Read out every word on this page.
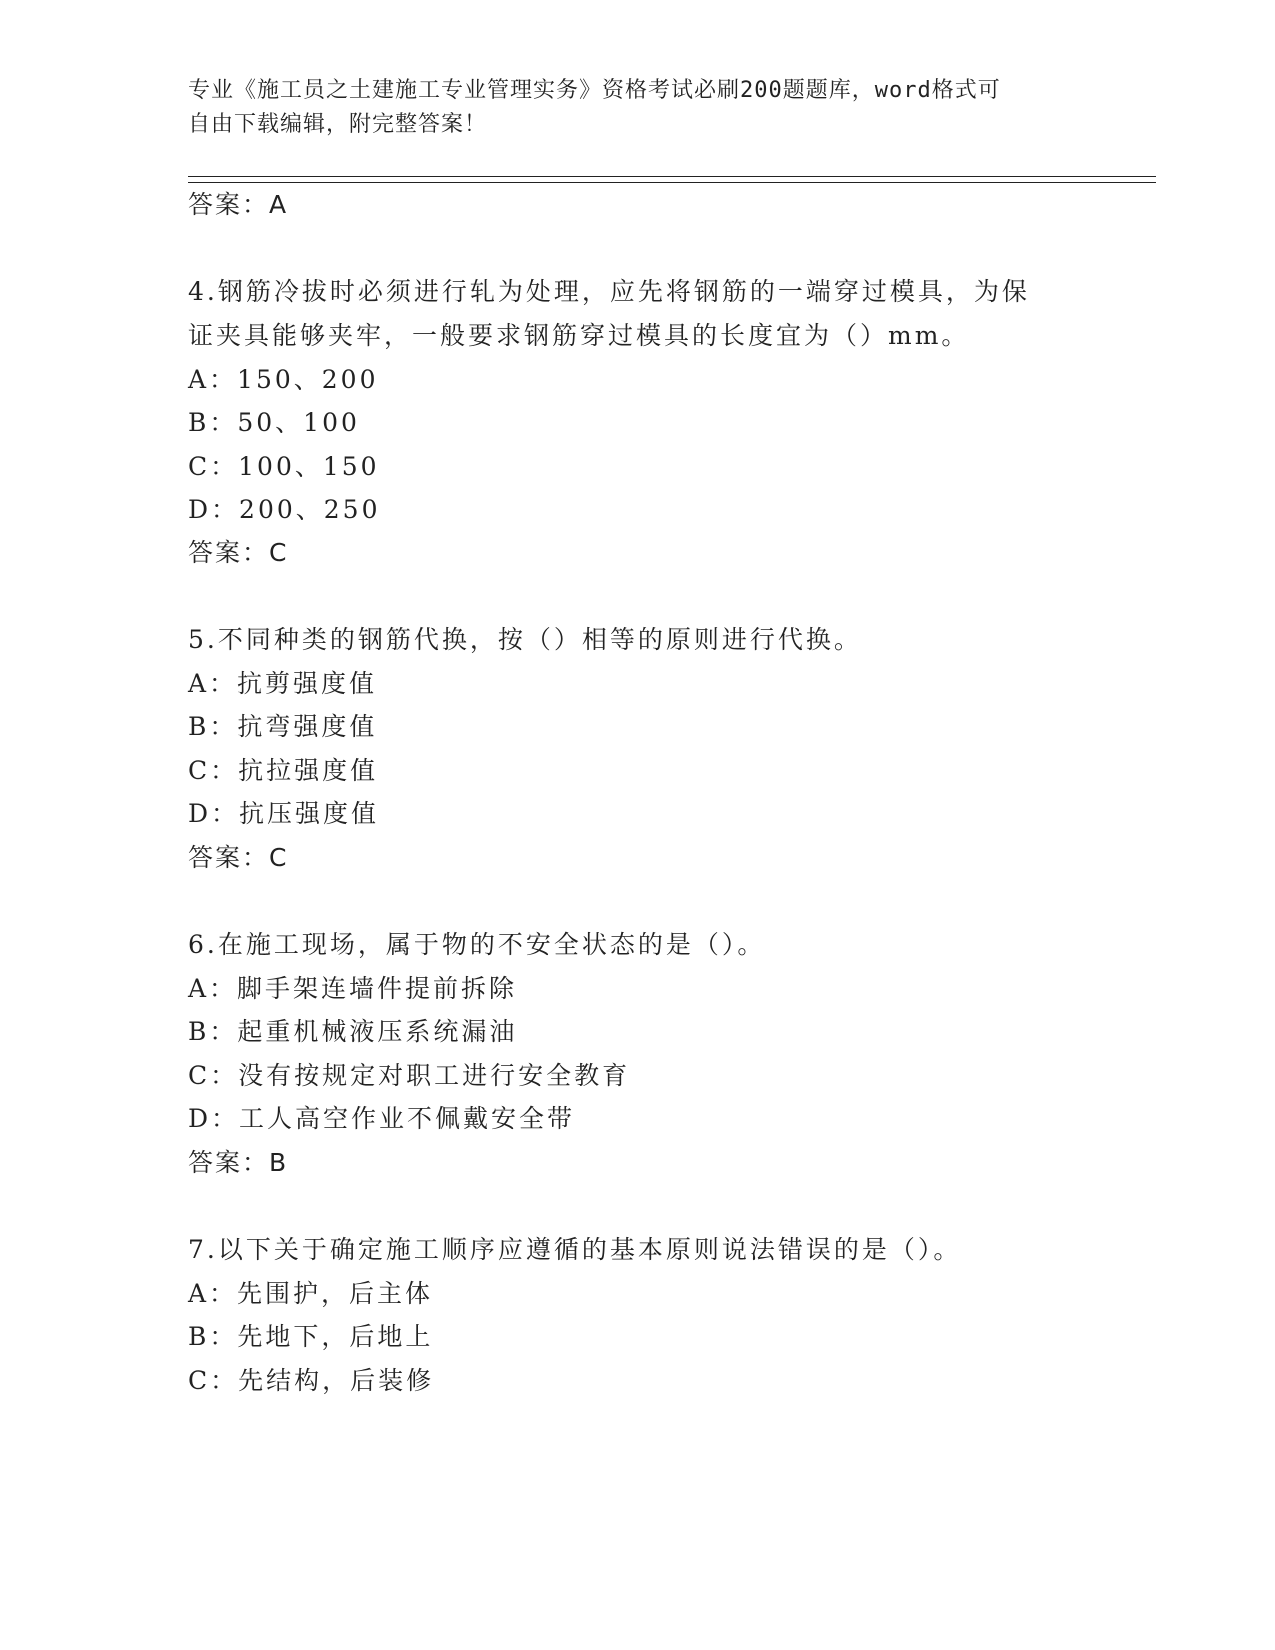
专业《施工员之土建施工专业管理实务》资格考试必刷200题题库，word格式可
自由下载编辑，附完整答案！
答案：A
4.钢筋冷拔时必须进行轧为处理，应先将钢筋的一端穿过模具，为保
证夹具能够夹牢，一般要求钢筋穿过模具的长度宜为（）mm。
A：150、200
B：50、100
C：100、150
D：200、250
答案：C
5.不同种类的钢筋代换，按（）相等的原则进行代换。
A：抗剪强度值
B：抗弯强度值
C：抗拉强度值
D：抗压强度值
答案：C
6.在施工现场，属于物的不安全状态的是（）。
A：脚手架连墙件提前拆除
B：起重机械液压系统漏油
C：没有按规定对职工进行安全教育
D：工人高空作业不佩戴安全带
答案：B
7.以下关于确定施工顺序应遵循的基本原则说法错误的是（）。
A：先围护，后主体
B：先地下，后地上
C：先结构，后装修
